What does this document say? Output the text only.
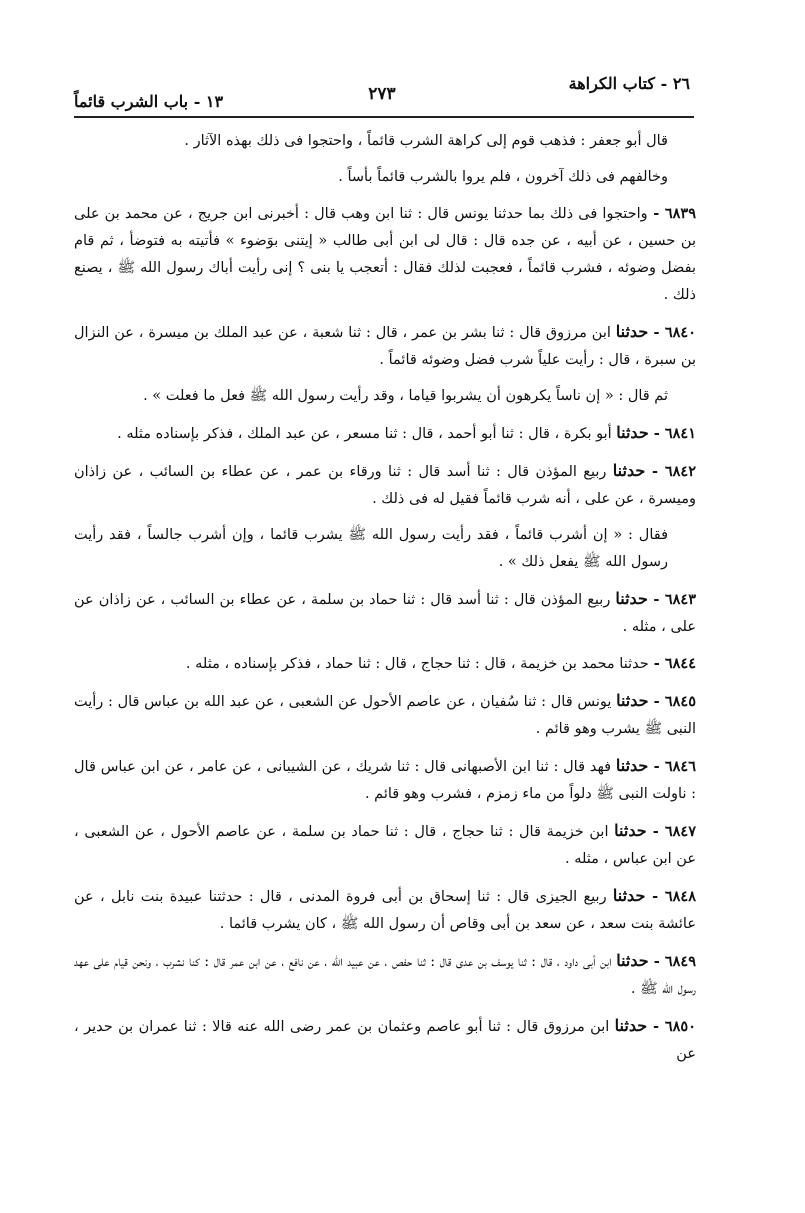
٢٦ - كتاب الكراهة
٢٧٣
١٣ - باب الشرب قائماً

قال أبو جعفر : فذهب قوم إلى كراهة الشرب قائماً ، واحتجوا فى ذلك بهذه الآثار .

وخالفهم فى ذلك آخرون ، فلم يروا بالشرب قائماً بأساً .

٦٨٣٩ - واحتجوا فى ذلك بما حدثنا يونس قال : ثنا ابن وهب قال : أخبرنى ابن جريج ، عن محمد بن على بن حسين ، عن أبيه ، عن جده قال : قال لى ابن أبى طالب « إيتنى بوَضوء » فأتيته به فتوضأ ، ثم قام بفضل وضوئه ، فشرب قائماً ، فعجبت لذلك فقال : أتعجب يا بنى ؟ إنى رأيت أباك رسول الله ﷺ ، يصنع ذلك .

٦٨٤٠ - حدثنا ابن مرزوق قال : ثنا بشر بن عمر ، قال : ثنا شعبة ، عن عبد الملك بن ميسرة ، عن النزال بن سبرة ، قال : رأيت علياً شرب فضل وضوئه قائماً .

ثم قال : « إن ناساً يكرهون أن يشربوا قياما ، وقد رأيت رسول الله ﷺ فعل ما فعلت » .

٦٨٤١ - حدثنا أبو بكرة ، قال : ثنا أبو أحمد ، قال : ثنا مسعر ، عن عبد الملك ، فذكر بإسناده مثله .

٦٨٤٢ - حدثنا ربيع المؤذن قال : ثنا أسد قال : ثنا ورقاء بن عمر ، عن عطاء بن السائب ، عن زاذان وميسرة ، عن على ، أنه شرب قائماً فقيل له فى ذلك .

فقال : « إن أشرب قائماً ، فقد رأيت رسول الله ﷺ يشرب قائما ، وإن أشرب جالساً ، فقد رأيت رسول الله ﷺ يفعل ذلك » .

٦٨٤٣ - حدثنا ربيع المؤذن قال : ثنا أسد قال : ثنا حماد بن سلمة ، عن عطاء بن السائب ، عن زاذان عن على ، مثله .

٦٨٤٤ - حدثنا محمد بن خزيمة ، قال : ثنا حجاج ، قال : ثنا حماد ، فذكر بإسناده ، مثله .

٦٨٤٥ - حدثنا يونس قال : ثنا سُفيان ، عن عاصم الأحول عن الشعبى ، عن عبد الله بن عباس قال : رأيت النبى ﷺ يشرب وهو قائم .

٦٨٤٦ - حدثنا فهد قال : ثنا ابن الأصبهانى قال : ثنا شريك ، عن الشيبانى ، عن عامر ، عن ابن عباس قال : ناولت النبى ﷺ دلواً من ماء زمزم ، فشرب وهو قائم .

٦٨٤٧ - حدثنا ابن خزيمة قال : ثنا حجاج ، قال : ثنا حماد بن سلمة ، عن عاصم الأحول ، عن الشعبى ، عن ابن عباس ، مثله .

٦٨٤٨ - حدثنا ربيع الجيزى قال : ثنا إسحاق بن أبى فروة المدنى ، قال : حدثتنا عبيدة بنت نابل ، عن عائشة بنت سعد ، عن سعد بن أبى وقاص أن رسول الله ﷺ ، كان يشرب قائما .

٦٨٤٩ - حدثنا ابن أبى داود ، قال : ثنا يوسف بن عدى قال : ثنا حفص ، عن عبيد الله ، عن نافع ، عن ابن عمر قال : كنا نشرب ، ونحن قيام على عهد رسول الله ﷺ .

٦٨٥٠ - حدثنا ابن مرزوق قال : ثنا أبو عاصم وعثمان بن عمر رضى الله عنه قالا : ثنا عمران بن حدير ، عن
